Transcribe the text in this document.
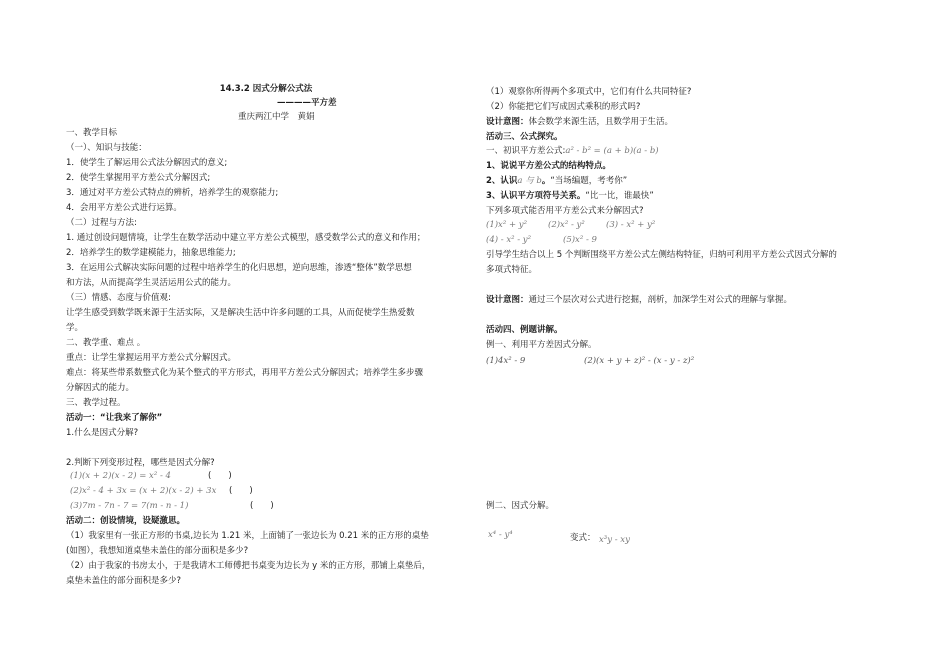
14.3.2 因式分解公式法
————平方差
重庆两江中学　黄娟
一、教学目标
（一）、知识与技能：
1．使学生了解运用公式法分解因式的意义;
2．使学生掌握用平方差公式分解因式;
3．通过对平方差公式特点的辨析，培养学生的观察能力;
4．会用平方差公式进行运算。
（二）过程与方法:
1. 通过创设问题情境，让学生在数学活动中建立平方差公式模型，感受数学公式的意义和作用；
2．培养学生的数学建模能力，抽象思维能力;
3．在运用公式解决实际问题的过程中培养学生的化归思想，逆向思维，渗透“整体”数学思想
和方法，从而提高学生灵活运用公式的能力。
（三）情感、态度与价值观:
让学生感受到数学既来源于生活实际，又是解决生活中许多问题的工具，从而促使学生热爱数
学。
二、教学重、难点 。
重点：让学生掌握运用平方差公式分解因式。
难点：将某些带系数整式化为某个整式的平方形式，再用平方差公式分解因式；培养学生多步骤
分解因式的能力。
三、教学过程。
活动一：“让我来了解你”
1.什么是因式分解?
2.判断下列变形过程，哪些是因式分解?
(1)(x + 2)(x - 2) = x² - 4	(　　)
(2)x² - 4 + 3x = (x + 2)(x - 2) + 3x (　　)
(3)7m - 7n - 7 = 7(m - n - 1)	(　　)
活动二：创设情境，设疑激思。
（1）我家里有一张正方形的书桌,边长为 1.21 米，上面铺了一张边长为 0.21 米的正方形的桌垫
(如图），我想知道桌垫未盖住的部分面积是多少?
（2）由于我家的书房太小，于是我请木工师傅把书桌变为边长为 y 米的正方形，那铺上桌垫后，
桌垫未盖住的部分面积是多少?
（1）观察你所得两个多项式中，它们有什么共同特征?
（2）你能把它们写成因式乘积的形式吗?
设计意图：体会数学来源生活，且数学用于生活。
活动三、公式探究。
一、初识平方差公式:a² - b² = (a + b)(a - b)
1、说说平方差公式的结构特点。
2、认识a 与 b。“当场编题，考考你”
3、认识平方项符号关系。“比一比，谁最快”
下列多项式能否用平方差公式来分解因式?
(1)x² + y² (2)x² - y²	(3) - x² + y²
(4) - x² - y²	(5)x² - 9
引导学生结合以上 5 个判断围绕平方差公式左侧结构特征，归纳可利用平方差公式因式分解的
多项式特征。
设计意图：通过三个层次对公式进行挖掘，剖析，加深学生对公式的理解与掌握。
活动四、例题讲解。
例一、利用平方差因式分解。
(1)4x² - 9	(2)(x + y + z)² - (x - y - z)²
例二、因式分解。
x⁴ - y⁴	变式： x³y - xy
